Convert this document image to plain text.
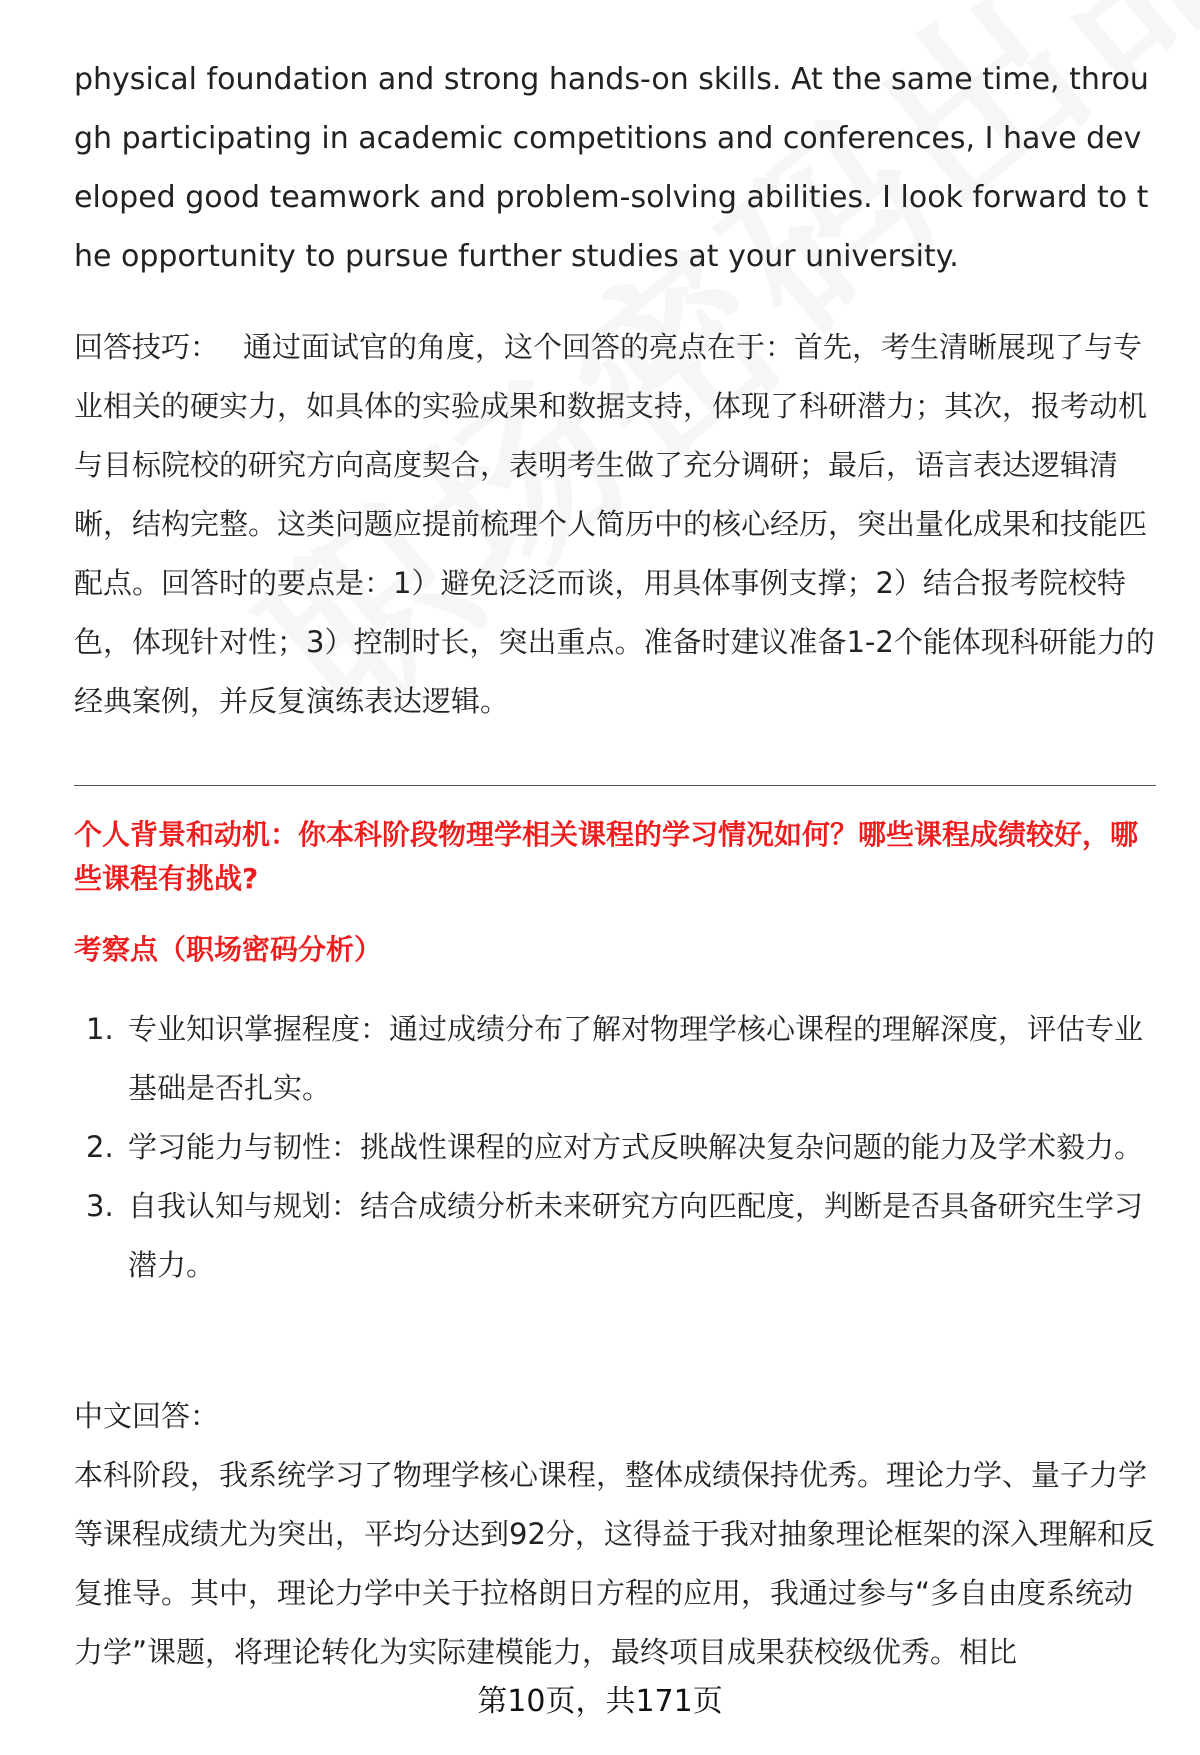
physical foundation and strong hands-on skills. At the same time, through participating in academic competitions and conferences, I have developed good teamwork and problem-solving abilities. I look forward to the opportunity to pursue further studies at your university.

回答技巧： 通过面试官的角度，这个回答的亮点在于：首先，考生清晰展现了与专业相关的硬实力，如具体的实验成果和数据支持，体现了科研潜力；其次，报考动机与目标院校的研究方向高度契合，表明考生做了充分调研；最后，语言表达逻辑清晰，结构完整。这类问题应提前梳理个人简历中的核心经历，突出量化成果和技能匹配点。回答时的要点是：1）避免泛泛而谈，用具体事例支撑；2）结合报考院校特色，体现针对性；3）控制时长，突出重点。准备时建议准备1-2个能体现科研能力的经典案例，并反复演练表达逻辑。

个人背景和动机：你本科阶段物理学相关课程的学习情况如何？哪些课程成绩较好，哪些课程有挑战?
考察点（职场密码分析）
1. 专业知识掌握程度：通过成绩分布了解对物理学核心课程的理解深度，评估专业基础是否扎实。
2. 学习能力与韧性：挑战性课程的应对方式反映解决复杂问题的能力及学术毅力。
3. 自我认知与规划：结合成绩分析未来研究方向匹配度，判断是否具备研究生学习潜力。
中文回答：

本科阶段，我系统学习了物理学核心课程，整体成绩保持优秀。理论力学、量子力学等课程成绩尤为突出，平均分达到92分，这得益于我对抽象理论框架的深入理解和反复推导。其中，理论力学中关于拉格朗日方程的应用，我通过参与“多自由度系统动力学”课题，将理论转化为实际建模能力，最终项目成果获校级优秀。相比

第10页，共171页
